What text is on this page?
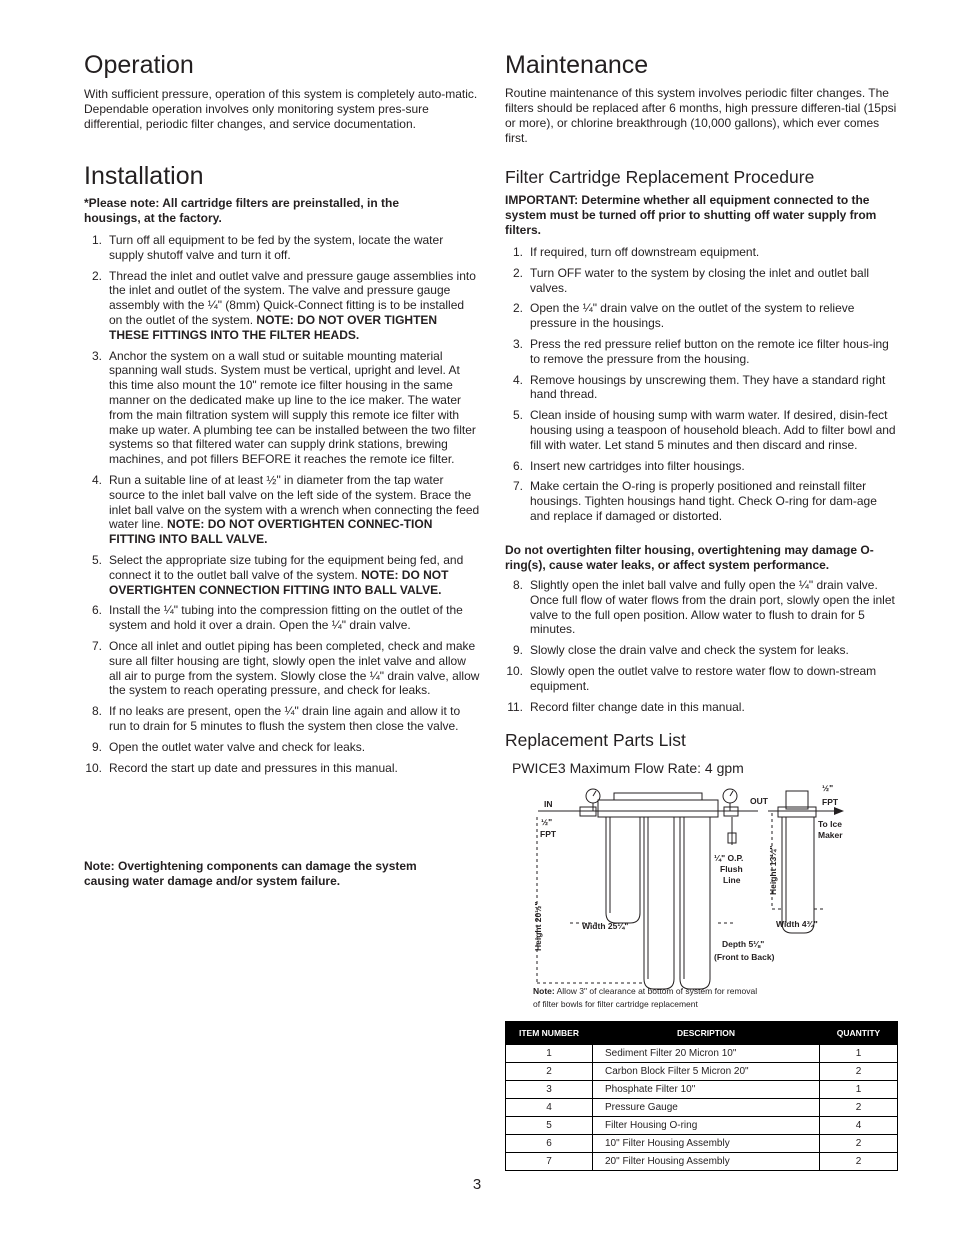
Operation

With sufficient pressure, operation of this system is completely auto-matic. Dependable operation involves only monitoring system pres-sure differential, periodic filter changes, and service documentation.

Installation

*Please note: All cartridge filters are preinstalled, in the housings, at the factory.

1. Turn off all equipment to be fed by the system, locate the water supply shutoff valve and turn it off.
2. Thread the inlet and outlet valve and pressure gauge assemblies into the inlet and outlet of the system. The valve and pressure gauge assembly with the ¼" (8mm) Quick-Connect fitting is to be installed on the outlet of the system. NOTE: DO NOT OVER TIGHTEN THESE FITTINGS INTO THE FILTER HEADS.
3. Anchor the system on a wall stud or suitable mounting material spanning wall studs. System must be vertical, upright and level. At this time also mount the 10" remote ice filter housing in the same manner on the dedicated make up line to the ice maker. The water from the main filtration system will supply this remote ice filter with make up water. A plumbing tee can be installed between the two filter systems so that filtered water can supply drink stations, brewing machines, and pot fillers BEFORE it reaches the remote ice filter.
4. Run a suitable line of at least ½" in diameter from the tap water source to the inlet ball valve on the left side of the system. Brace the inlet ball valve on the system with a wrench when connecting the feed water line. NOTE: DO NOT OVERTIGHTEN CONNEC-TION FITTING INTO BALL VALVE.
5. Select the appropriate size tubing for the equipment being fed, and connect it to the outlet ball valve of the system. NOTE: DO NOT OVERTIGHTEN CONNECTION FITTING INTO BALL VALVE.
6. Install the ¼" tubing into the compression fitting on the outlet of the system and hold it over a drain. Open the ¼" drain valve.
7. Once all inlet and outlet piping has been completed, check and make sure all filter housing are tight, slowly open the inlet valve and allow all air to purge from the system. Slowly close the ¼" drain valve, allow the system to reach operating pressure, and check for leaks.
8. If no leaks are present, open the ¼" drain line again and allow it to run to drain for 5 minutes to flush the system then close the valve.
9. Open the outlet water valve and check for leaks.
10. Record the start up date and pressures in this manual.

Note: Overtightening components can damage the system causing water damage and/or system failure.

Maintenance

Routine maintenance of this system involves periodic filter changes. The filters should be replaced after 6 months, high pressure differen-tial (15psi or more), or chlorine breakthrough (10,000 gallons), which ever comes first.

Filter Cartridge Replacement Procedure

IMPORTANT: Determine whether all equipment connected to the system must be turned off prior to shutting off water supply from filters.

1. If required, turn off downstream equipment.
2. Turn OFF water to the system by closing the inlet and outlet ball valves.
2. Open the ¼" drain valve on the outlet of the system to relieve pressure in the housings.
3. Press the red pressure relief button on the remote ice filter hous-ing to remove the pressure from the housing.
4. Remove housings by unscrewing them. They have a standard right hand thread.
5. Clean inside of housing sump with warm water. If desired, disin-fect housing using a teaspoon of household bleach. Add to filter bowl and fill with water. Let stand 5 minutes and then discard and rinse.
6. Insert new cartridges into filter housings.
7. Make certain the O-ring is properly positioned and reinstall filter housings. Tighten housings hand tight. Check O-ring for dam-age and replace if damaged or distorted.

Do not overtighten filter housing, overtightening may damage O-ring(s), cause water leaks, or affect system performance.

8. Slightly open the inlet ball valve and fully open the ¼" drain valve. Once full flow of water flows from the drain port, slowly open the inlet valve to the full open position. Allow water to flush to drain for 5 minutes.
9. Slowly close the drain valve and check the system for leaks.
10. Slowly open the outlet valve to restore water flow to down-stream equipment.
11. Record filter change date in this manual.
Replacement Parts List

PWICE3 Maximum Flow Rate: 4 gpm

ITEM NUMBER	DESCRIPTION	QUANTITY
1	Sediment Filter 20 Micron 10"	1
2	Carbon Block Filter 5 Micron 20"	2
3	Phosphate Filter 10"	1
4	Pressure Gauge	2
5	Filter Housing O-ring	4
6	10" Filter Housing Assembly	2
7	20" Filter Housing Assembly	2
IN
½"
FPT
OUT
½"
FPT
To Ice
Maker
¼" O.P.
Flush
Line
Width 25¼"	Width 4¾"
Depth 5⅛"
(Front to Back)
Height 20½"
Height 13¼"
Note: Allow 3" of clearance at bottom of system for removal
of filter bowls for filter cartridge replacement
3
